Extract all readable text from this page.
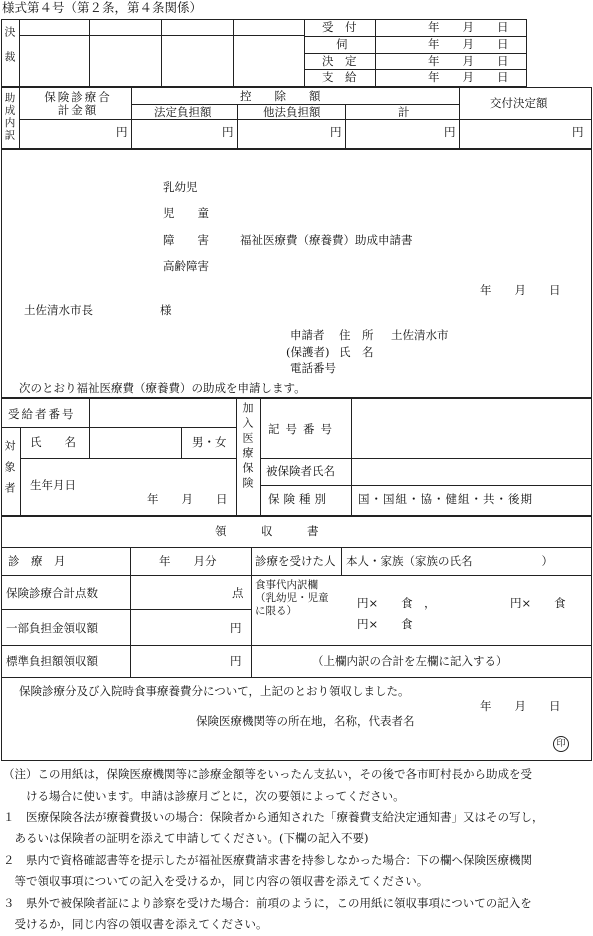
様式第４号（第２条，第４条関係）
決裁	受　付	年　　月　　日
伺	年　　月　　日
決　定	年　　月　　日
支　給	年　　月　　日
助成内訳	保険診療合計金額
控　　除　　額
法定負担額	他法負担額	計
交付決定額
円	円	円	円	円
乳幼児
児　　童
障　　害	福祉医療費（療養費）助成申請書
高齢障害
年　　月　　日
土佐清水市長	様
申請者 住　所 土佐清水市
(保護者) 氏　名
電話番号
次のとおり福祉医療費（療養費）の助成を申請します。
受給者番号
対象者 氏　　名	男・女
生年月日
年　　月　　日
加入医療保険 記号番号
被保険者氏名
保険種別 国・国組・協・健組・共・後期
領　　　収　　　書
診　療　月	年　　月分	診療を受けた人 本人・家族（家族の氏名　　　　　　）
保険診療合計点数	点
食事代内訳欄（乳幼児・児童に限る）
円×　　食　，	円×　　食
円×　　食
一部負担金領収額	円
標準負担額領収額	円	（上欄内訳の合計を左欄に記入する）
保険診療分及び入院時食事療養費分について，上記のとおり領収しました。
年　　月　　日
保険医療機関等の所在地，名称，代表者名
印
（注）この用紙は，保険医療機関等に診療金額等をいったん支払い，その後で各市町村長から助成を受
　　ける場合に使います。申請は診療月ごとに，次の要領によってください。
１　医療保険各法が療養費扱いの場合：保険者から通知された「療養費支給決定通知書」又はその写し，
　あるいは保険者の証明を添えて申請してください。(下欄の記入不要)
２　県内で資格確認書等を提示したが福祉医療費請求書を持参しなかった場合：下の欄へ保険医療機関
　等で領収事項についての記入を受けるか，同じ内容の領収書を添えてください。
３　県外で被保険者証により診察を受けた場合：前項のように，この用紙に領収事項についての記入を
　受けるか，同じ内容の領収書を添えてください。
